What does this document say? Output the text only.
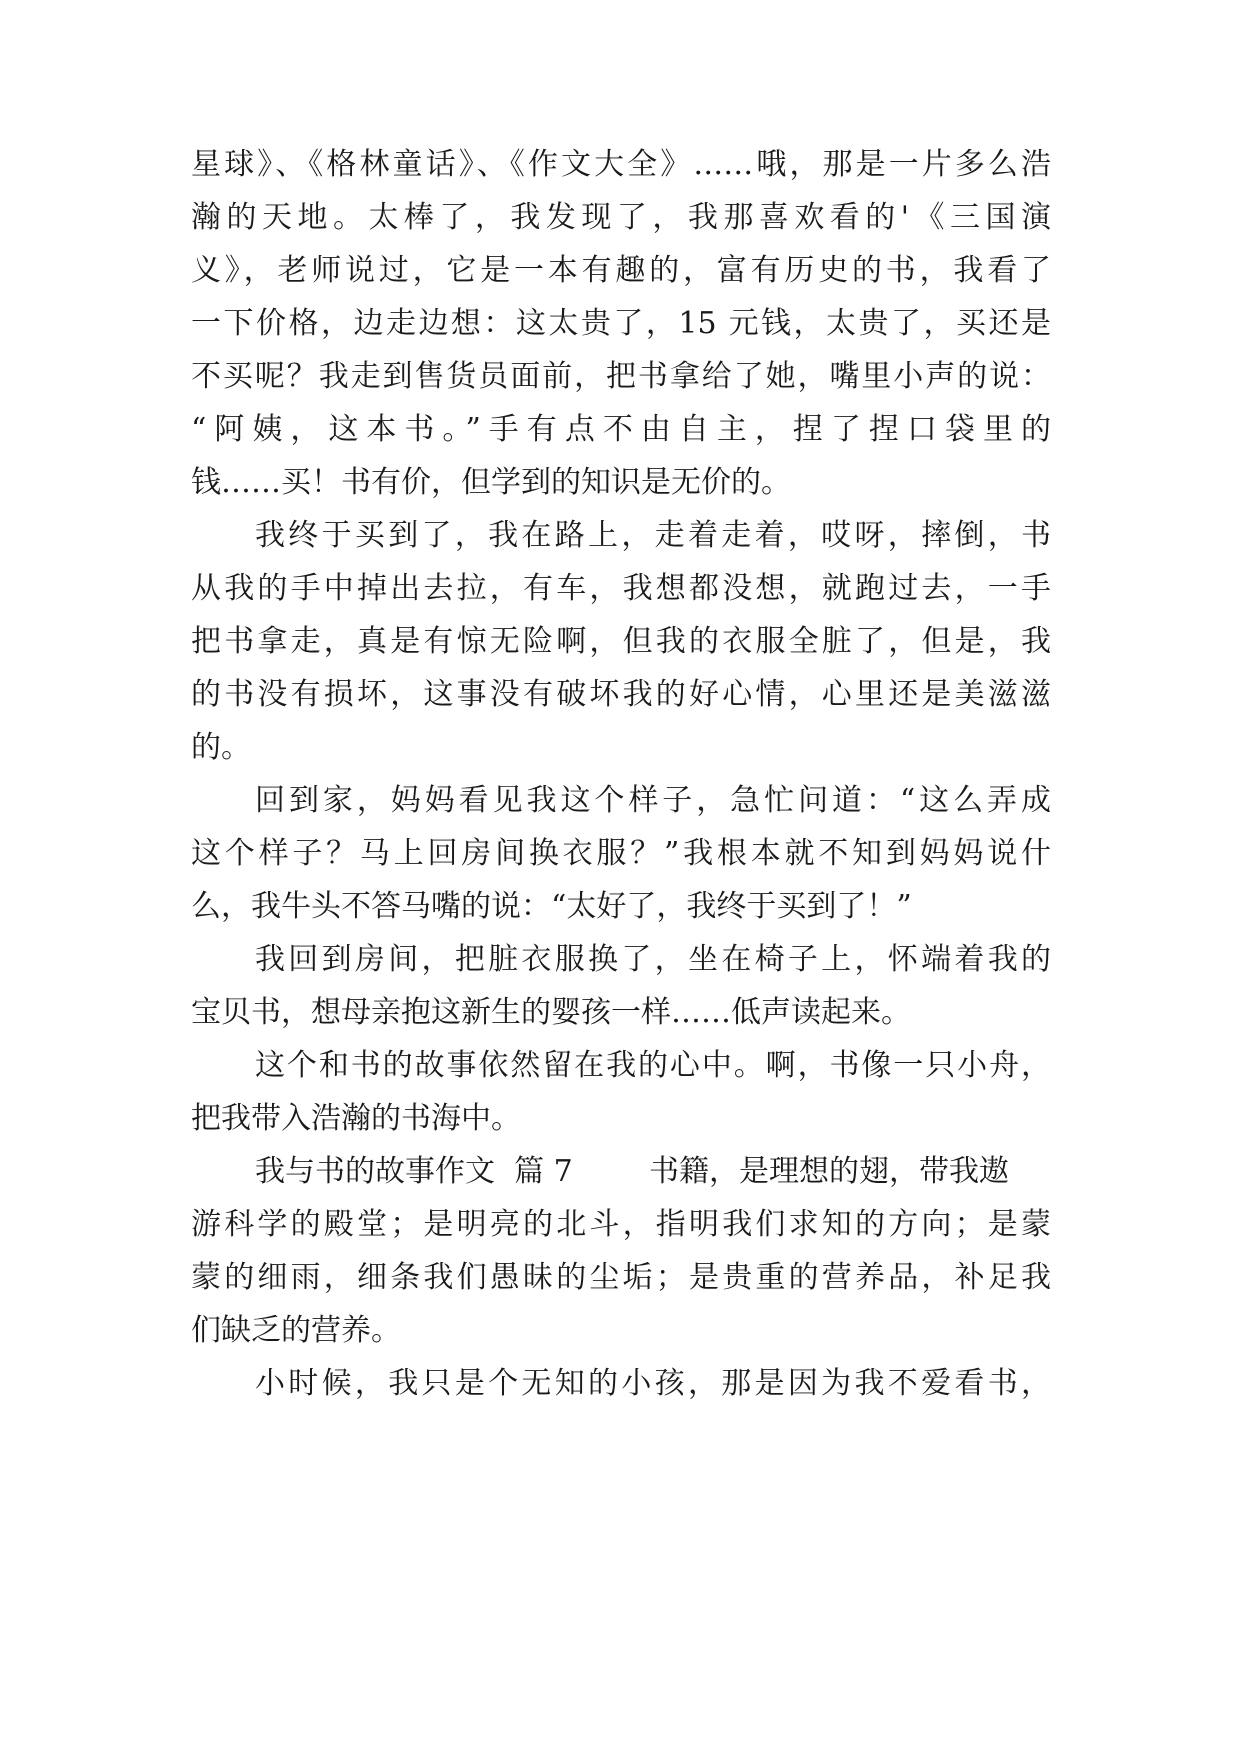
星球》、《格林童话》、《作文大全》……哦，那是一片多么浩
瀚的天地。太棒了，我发现了，我那喜欢看的'《三国演
义》，老师说过，它是一本有趣的，富有历史的书，我看了
一下价格，边走边想：这太贵了，15 元钱，太贵了，买还是
不买呢？我走到售货员面前，把书拿给了她，嘴里小声的说：
“阿姨，这本书。”手有点不由自主，捏了捏口袋里的
钱……买！书有价，但学到的知识是无价的。
我终于买到了，我在路上，走着走着，哎呀，摔倒，书
从我的手中掉出去拉，有车，我想都没想，就跑过去，一手
把书拿走，真是有惊无险啊，但我的衣服全脏了，但是，我
的书没有损坏，这事没有破坏我的好心情，心里还是美滋滋
的。
回到家，妈妈看见我这个样子，急忙问道：“这么弄成
这个样子？马上回房间换衣服？”我根本就不知到妈妈说什
么，我牛头不答马嘴的说：“太好了，我终于买到了！”
我回到房间，把脏衣服换了，坐在椅子上，怀端着我的
宝贝书，想母亲抱这新生的婴孩一样……低声读起来。
这个和书的故事依然留在我的心中。啊，书像一只小舟，
把我带入浩瀚的书海中。
我与书的故事作文  篇 7        书籍，是理想的翅，带我遨
游科学的殿堂；是明亮的北斗，指明我们求知的方向；是蒙
蒙的细雨，细条我们愚昧的尘垢；是贵重的营养品，补足我
们缺乏的营养。
小时候，我只是个无知的小孩，那是因为我不爱看书，
